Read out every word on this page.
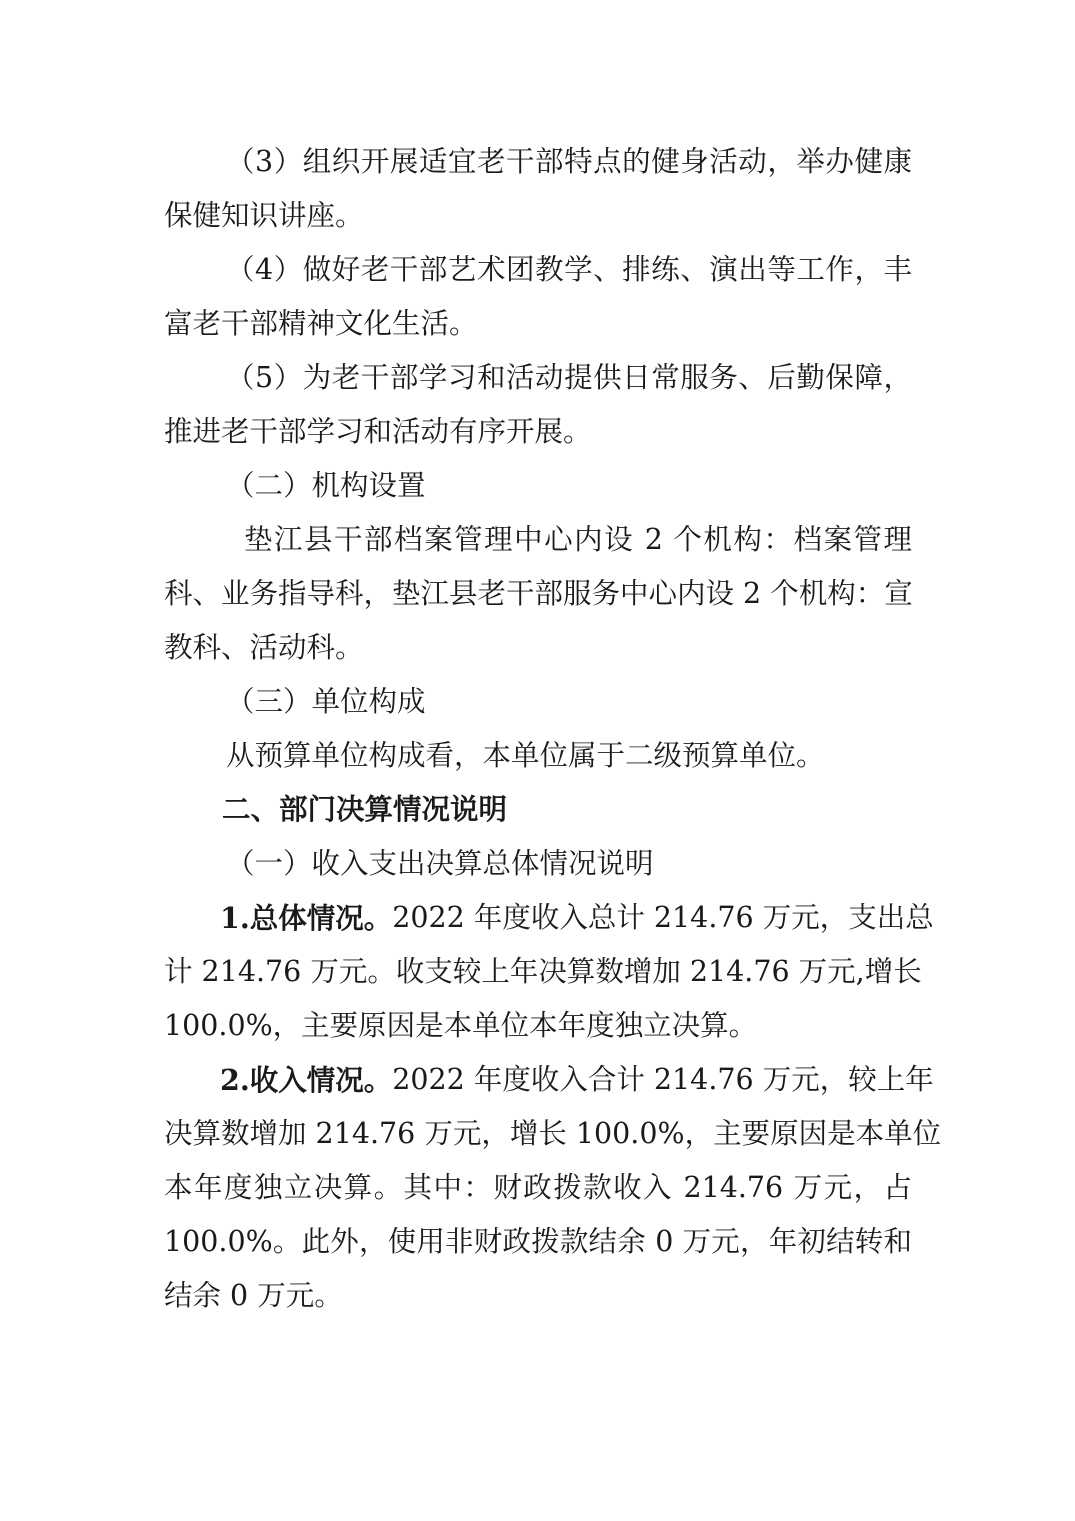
（3）组织开展适宜老干部特点的健身活动，举办健康
保健知识讲座。
（4）做好老干部艺术团教学、排练、演出等工作，丰
富老干部精神文化生活。
（5）为老干部学习和活动提供日常服务、后勤保障，
推进老干部学习和活动有序开展。
（二）机构设置
垫江县干部档案管理中心内设 2 个机构：档案管理
科、业务指导科，垫江县老干部服务中心内设 2 个机构：宣
教科、活动科。
（三）单位构成
从预算单位构成看，本单位属于二级预算单位。
二、部门决算情况说明
（一）收入支出决算总体情况说明
1.总体情况。 2022 年度收入总计 214.76 万元，支出总
计 214.76 万元。收支较上年决算数增加 214.76 万元,增长
100.0%，主要原因是本单位本年度独立决算。
2.收入情况。 2022 年度收入合计 214.76 万元，较上年
决算数增加 214.76 万元，增长 100.0%，主要原因是本单位
本年度独立决算。其中：财政拨款收入 214.76 万元，占
100.0%。此外，使用非财政拨款结余 0 万元，年初结转和
结余 0 万元。
